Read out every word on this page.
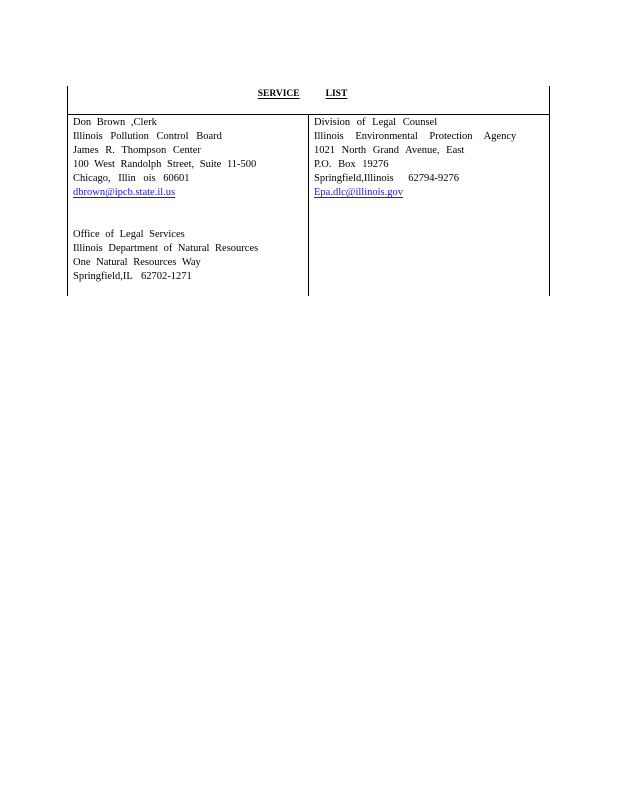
SERVICE	LIST
Don Brown ,Clerk
Illinois Pollution Control Board
James R. Thompson Center
100 West Randolph Street, Suite 11-500
Chicago, Illin ois 60601
dbrown@ipcb.state.il.us
Office of Legal Services
Illinois Department of Natural Resources
One Natural Resources Way
Springfield,IL 62702-1271
Division of Legal Counsel
Illinois Environmental Protection Agency
1021 North Grand Avenue, East
P.O. Box 19276
Springfield,Illinois 62794-9276
Epa.dlc@illinois.gov
